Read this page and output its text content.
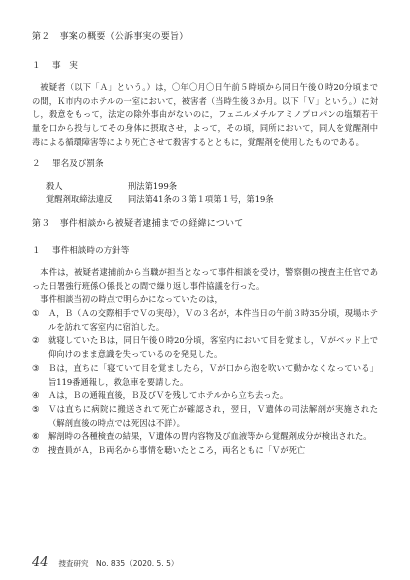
第２　事案の概要（公訴事実の要旨）
１ 事　実

被疑者（以下「Ａ」という。）は，〇年〇月〇日午前５時頃から同日午後０時20分頃までの間，Ｋ市内のホテルの一室において，被害者（当時生後３か月。以下「Ｖ」という。）に対し，殺意をもって，法定の除外事由がないのに，フェニルメチルアミノプロパンの塩類若干量を口から投与してその身体に摂取させ，よって，その頃，同所において，同人を覚醒剤中毒による循環障害等により死亡させて殺害するとともに，覚醒剤を使用したものである。

２ 罪名及び罰条
殺人	刑法第199条
覚醒剤取締法違反	同法第41条の３第１項第１号，第19条
第３　事件相談から被疑者逮捕までの経緯について
１ 事件相談時の方針等

本件は，被疑者逮捕前から当職が担当となって事件相談を受け，警察側の捜査主任官であった日署強行班係Ｏ係長との間で繰り返し事件協議を行った。

事件相談当初の時点で明らかになっていたのは，

①	Ａ，Ｂ（Ａの交際相手でＶの実母），Ｖの３名が，本件当日の午前３時35分頃，現場ホテルを訪れて客室内に宿泊した。
②	就寝していたＢは，同日午後０時20分頃，客室内において目を覚まし，Ｖがベッド上で仰向けのまま意識を失っているのを発見した。
③	Ｂは，直ちに「寝ていて目を覚ましたら，Ｖが口から泡を吹いて動かなくなっている」旨119番通報し，救急車を要請した。
④	Ａは，Ｂの通報直後，Ｂ及びＶを残してホテルから立ち去った。
⑤	Ｖは直ちに病院に搬送されて死亡が確認され，翌日，Ｖ遺体の司法解剖が実施された（解剖直後の時点では死因は不詳）。
⑥	解剖時の各種検査の結果，Ｖ遺体の胃内容物及び血液等から覚醒剤成分が検出された。
⑦	捜査員がＡ，Ｂ両名から事情を聴いたところ，両名ともに「Ｖが死亡
44 捜査研究　No. 835（2020. 5. 5）
